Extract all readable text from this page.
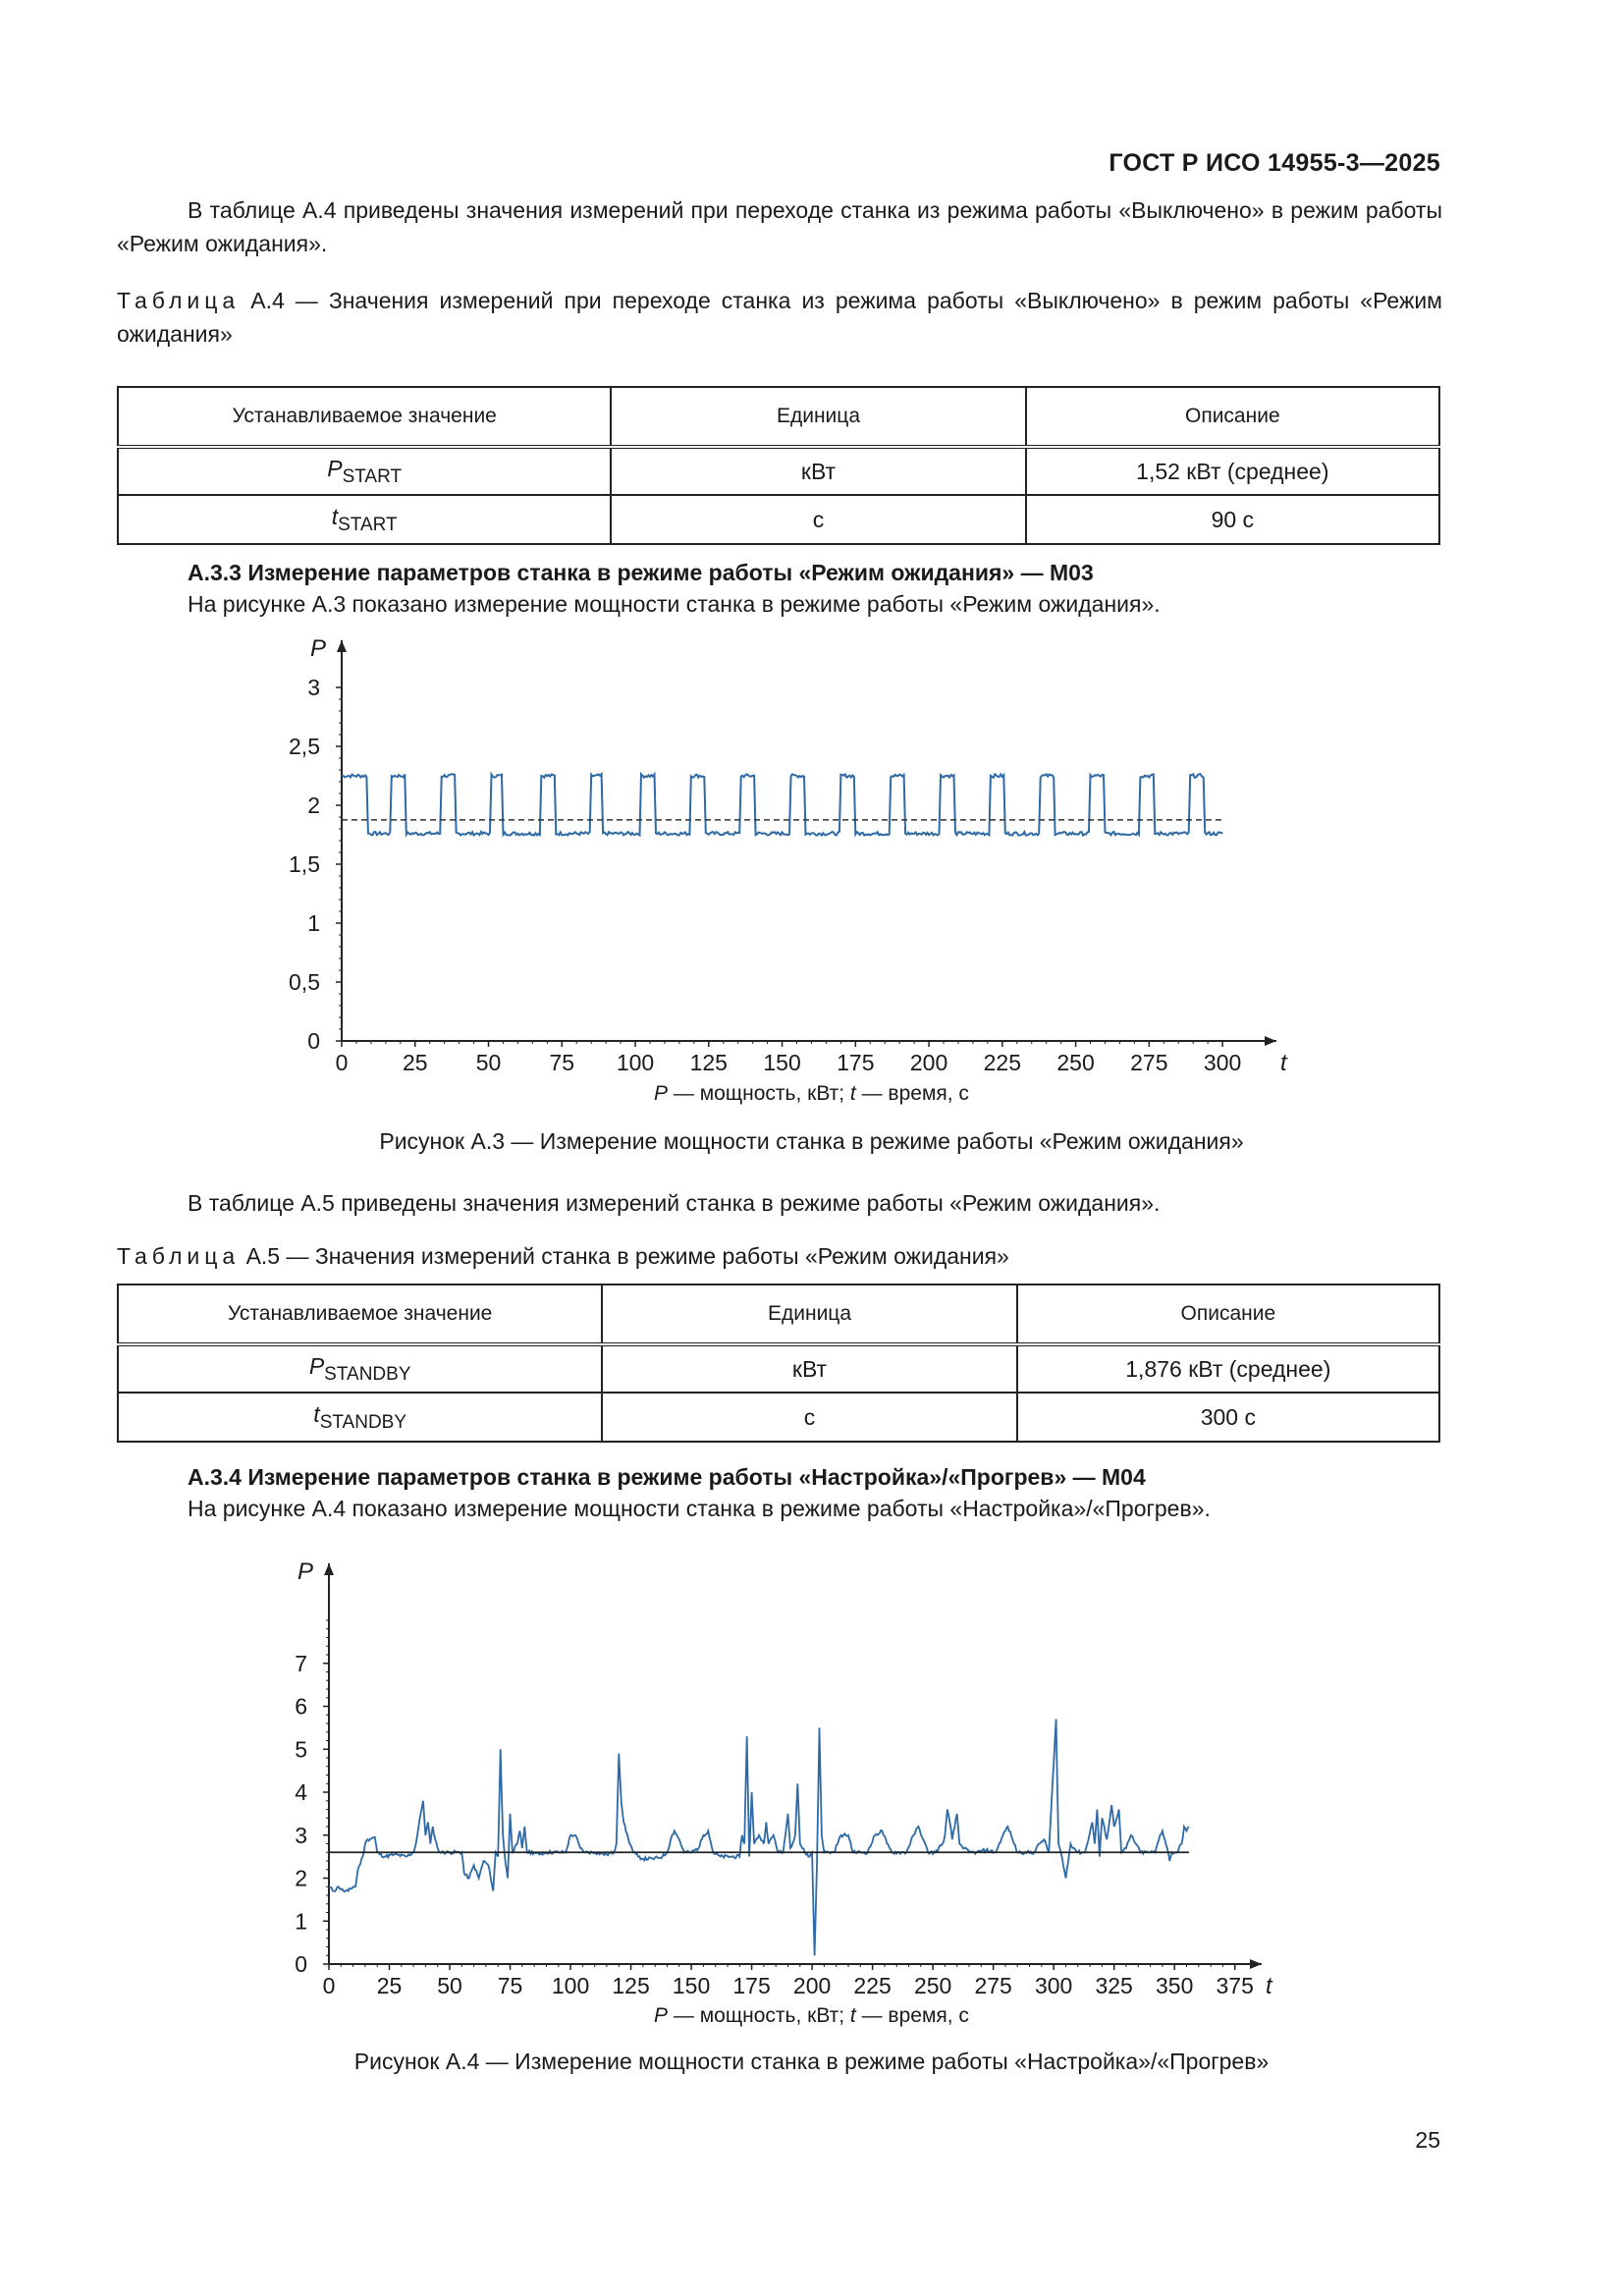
ГОСТ Р ИСО 14955-3—2025
В таблице А.4 приведены значения измерений при переходе станка из режима работы «Выключено» в режим работы «Режим ожидания».
Таблица А.4 — Значения измерений при переходе станка из режима работы «Выключено» в режим работы «Режим ожидания»
Устанавливаемое значение	Единица	Описание
$P_{START}$	кВт	1,52 кВт (среднее)
$t_{START}$	с	90 с
А.3.3 Измерение параметров станка в режиме работы «Режим ожидания» — М03
На рисунке А.3 показано измерение мощности станка в режиме работы «Режим ожидания».
0
0,5
1
1,5
2
2,5
3
0 25 50 75 100 125 150 175 200 225 250 275 300
P
t
P — мощность, кВт; t — время, с
Рисунок А.3 — Измерение мощности станка в режиме работы «Режим ожидания»
В таблице А.5 приведены значения измерений станка в режиме работы «Режим ожидания».
Таблица А.5 — Значения измерений станка в режиме работы «Режим ожидания»
Устанавливаемое значение	Единица	Описание
$P_{STANDBY}$	кВт	1,876 кВт (среднее)
$t_{STANDBY}$	с	300 с
А.3.4 Измерение параметров станка в режиме работы «Настройка»/«Прогрев» — М04
На рисунке А.4 показано измерение мощности станка в режиме работы «Настройка»/«Прогрев».
0
1
2
3
4
5
6
7
0 25 50 75 100 125 150 175 200 225 250 275 300 325 350 375
P
t
P — мощность, кВт; t — время, с
Рисунок А.4 — Измерение мощности станка в режиме работы «Настройка»/«Прогрев»
25
